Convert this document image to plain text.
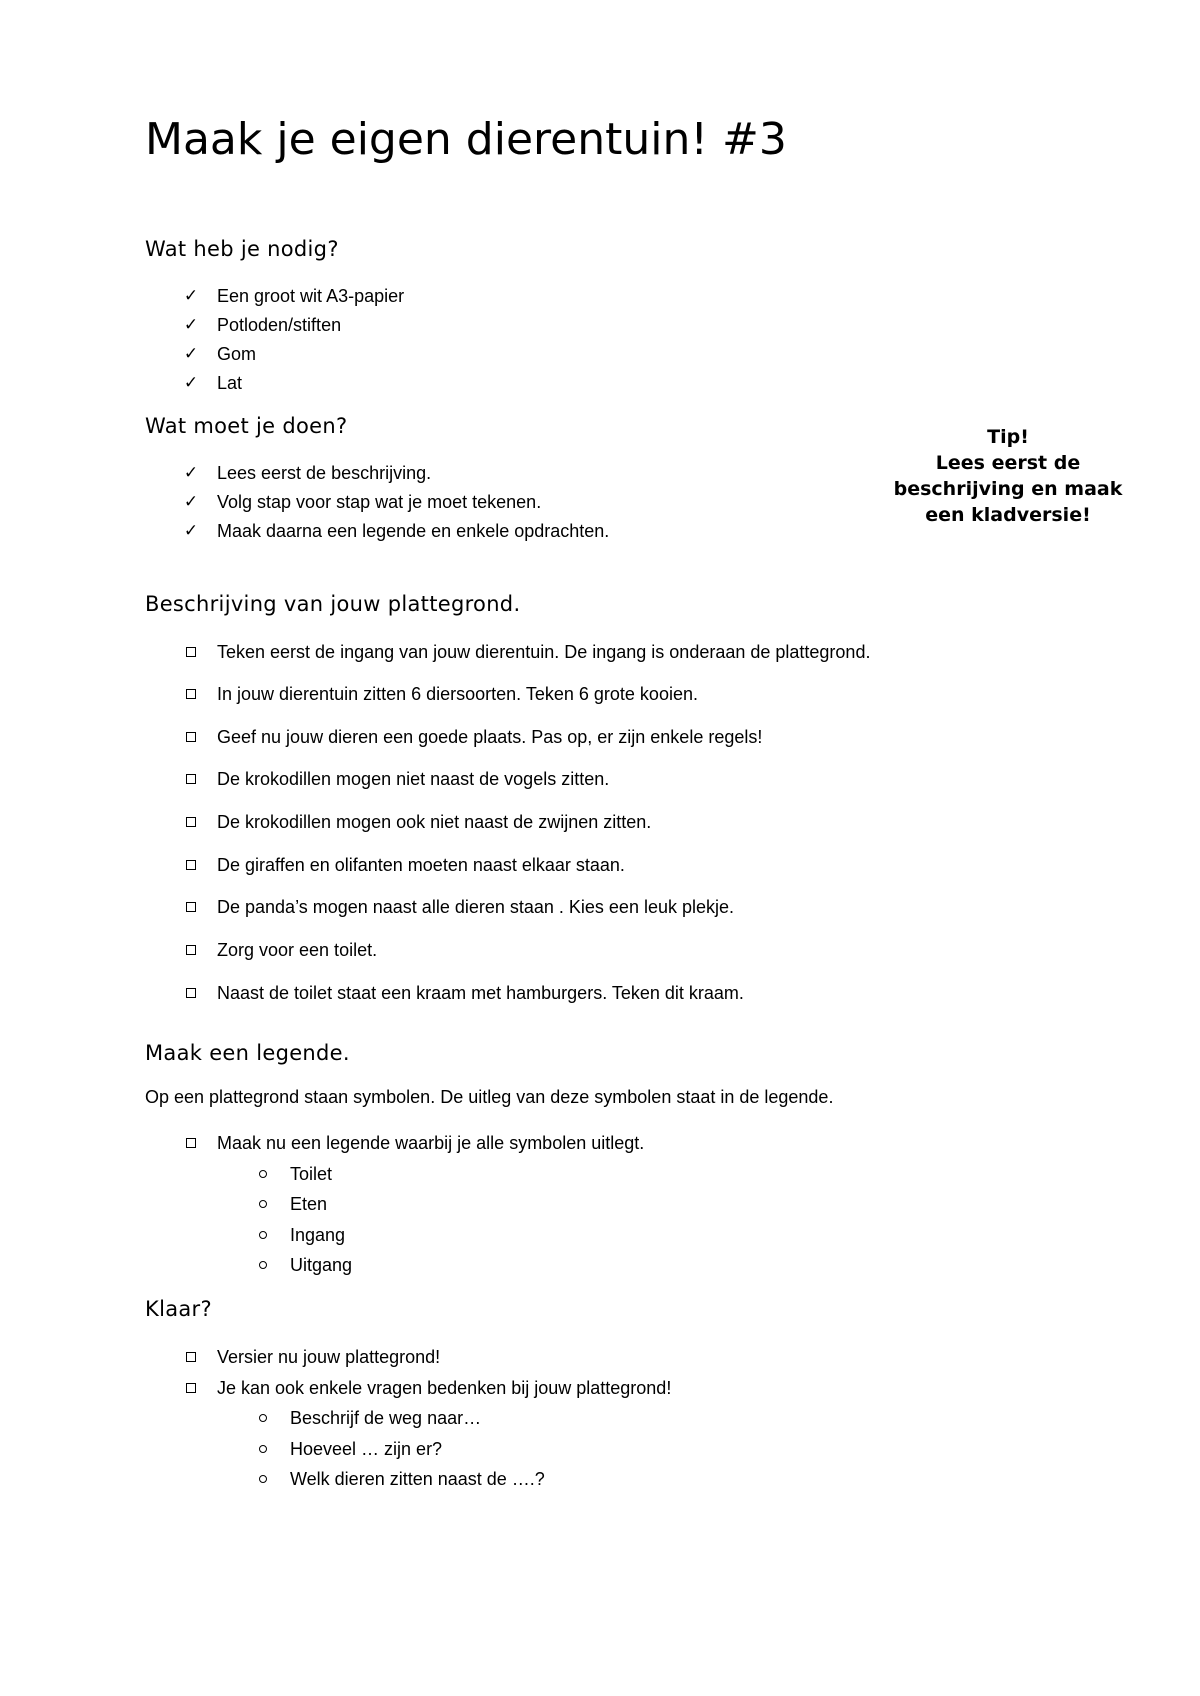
Maak je eigen dierentuin! #3
Wat heb je nodig?
✓ Een groot wit A3-papier
✓ Potloden/stiften
✓ Gom
✓ Lat
Wat moet je doen?
✓ Lees eerst de beschrijving.
✓ Volg stap voor stap wat je moet tekenen.
✓ Maak daarna een legende en enkele opdrachten.
Tip!
Lees eerst de
beschrijving en maak
een kladversie!
Beschrijving van jouw plattegrond.
Teken eerst de ingang van jouw dierentuin. De ingang is onderaan de plattegrond.
In jouw dierentuin zitten 6 diersoorten. Teken 6 grote kooien.
Geef nu jouw dieren een goede plaats. Pas op, er zijn enkele regels!
De krokodillen mogen niet naast de vogels zitten.
De krokodillen mogen ook niet naast de zwijnen zitten.
De giraffen en olifanten moeten naast elkaar staan.
De panda’s mogen naast alle dieren staan . Kies een leuk plekje.
Zorg voor een toilet.
Naast de toilet staat een kraam met hamburgers. Teken dit kraam.
Maak een legende.

Op een plattegrond staan symbolen. De uitleg van deze symbolen staat in de legende.

Maak nu een legende waarbij je alle symbolen uitlegt.
Toilet
Eten
Ingang
Uitgang
Klaar?
Versier nu jouw plattegrond!
Je kan ook enkele vragen bedenken bij jouw plattegrond!
Beschrijf de weg naar…
Hoeveel … zijn er?
Welk dieren zitten naast de ….?
